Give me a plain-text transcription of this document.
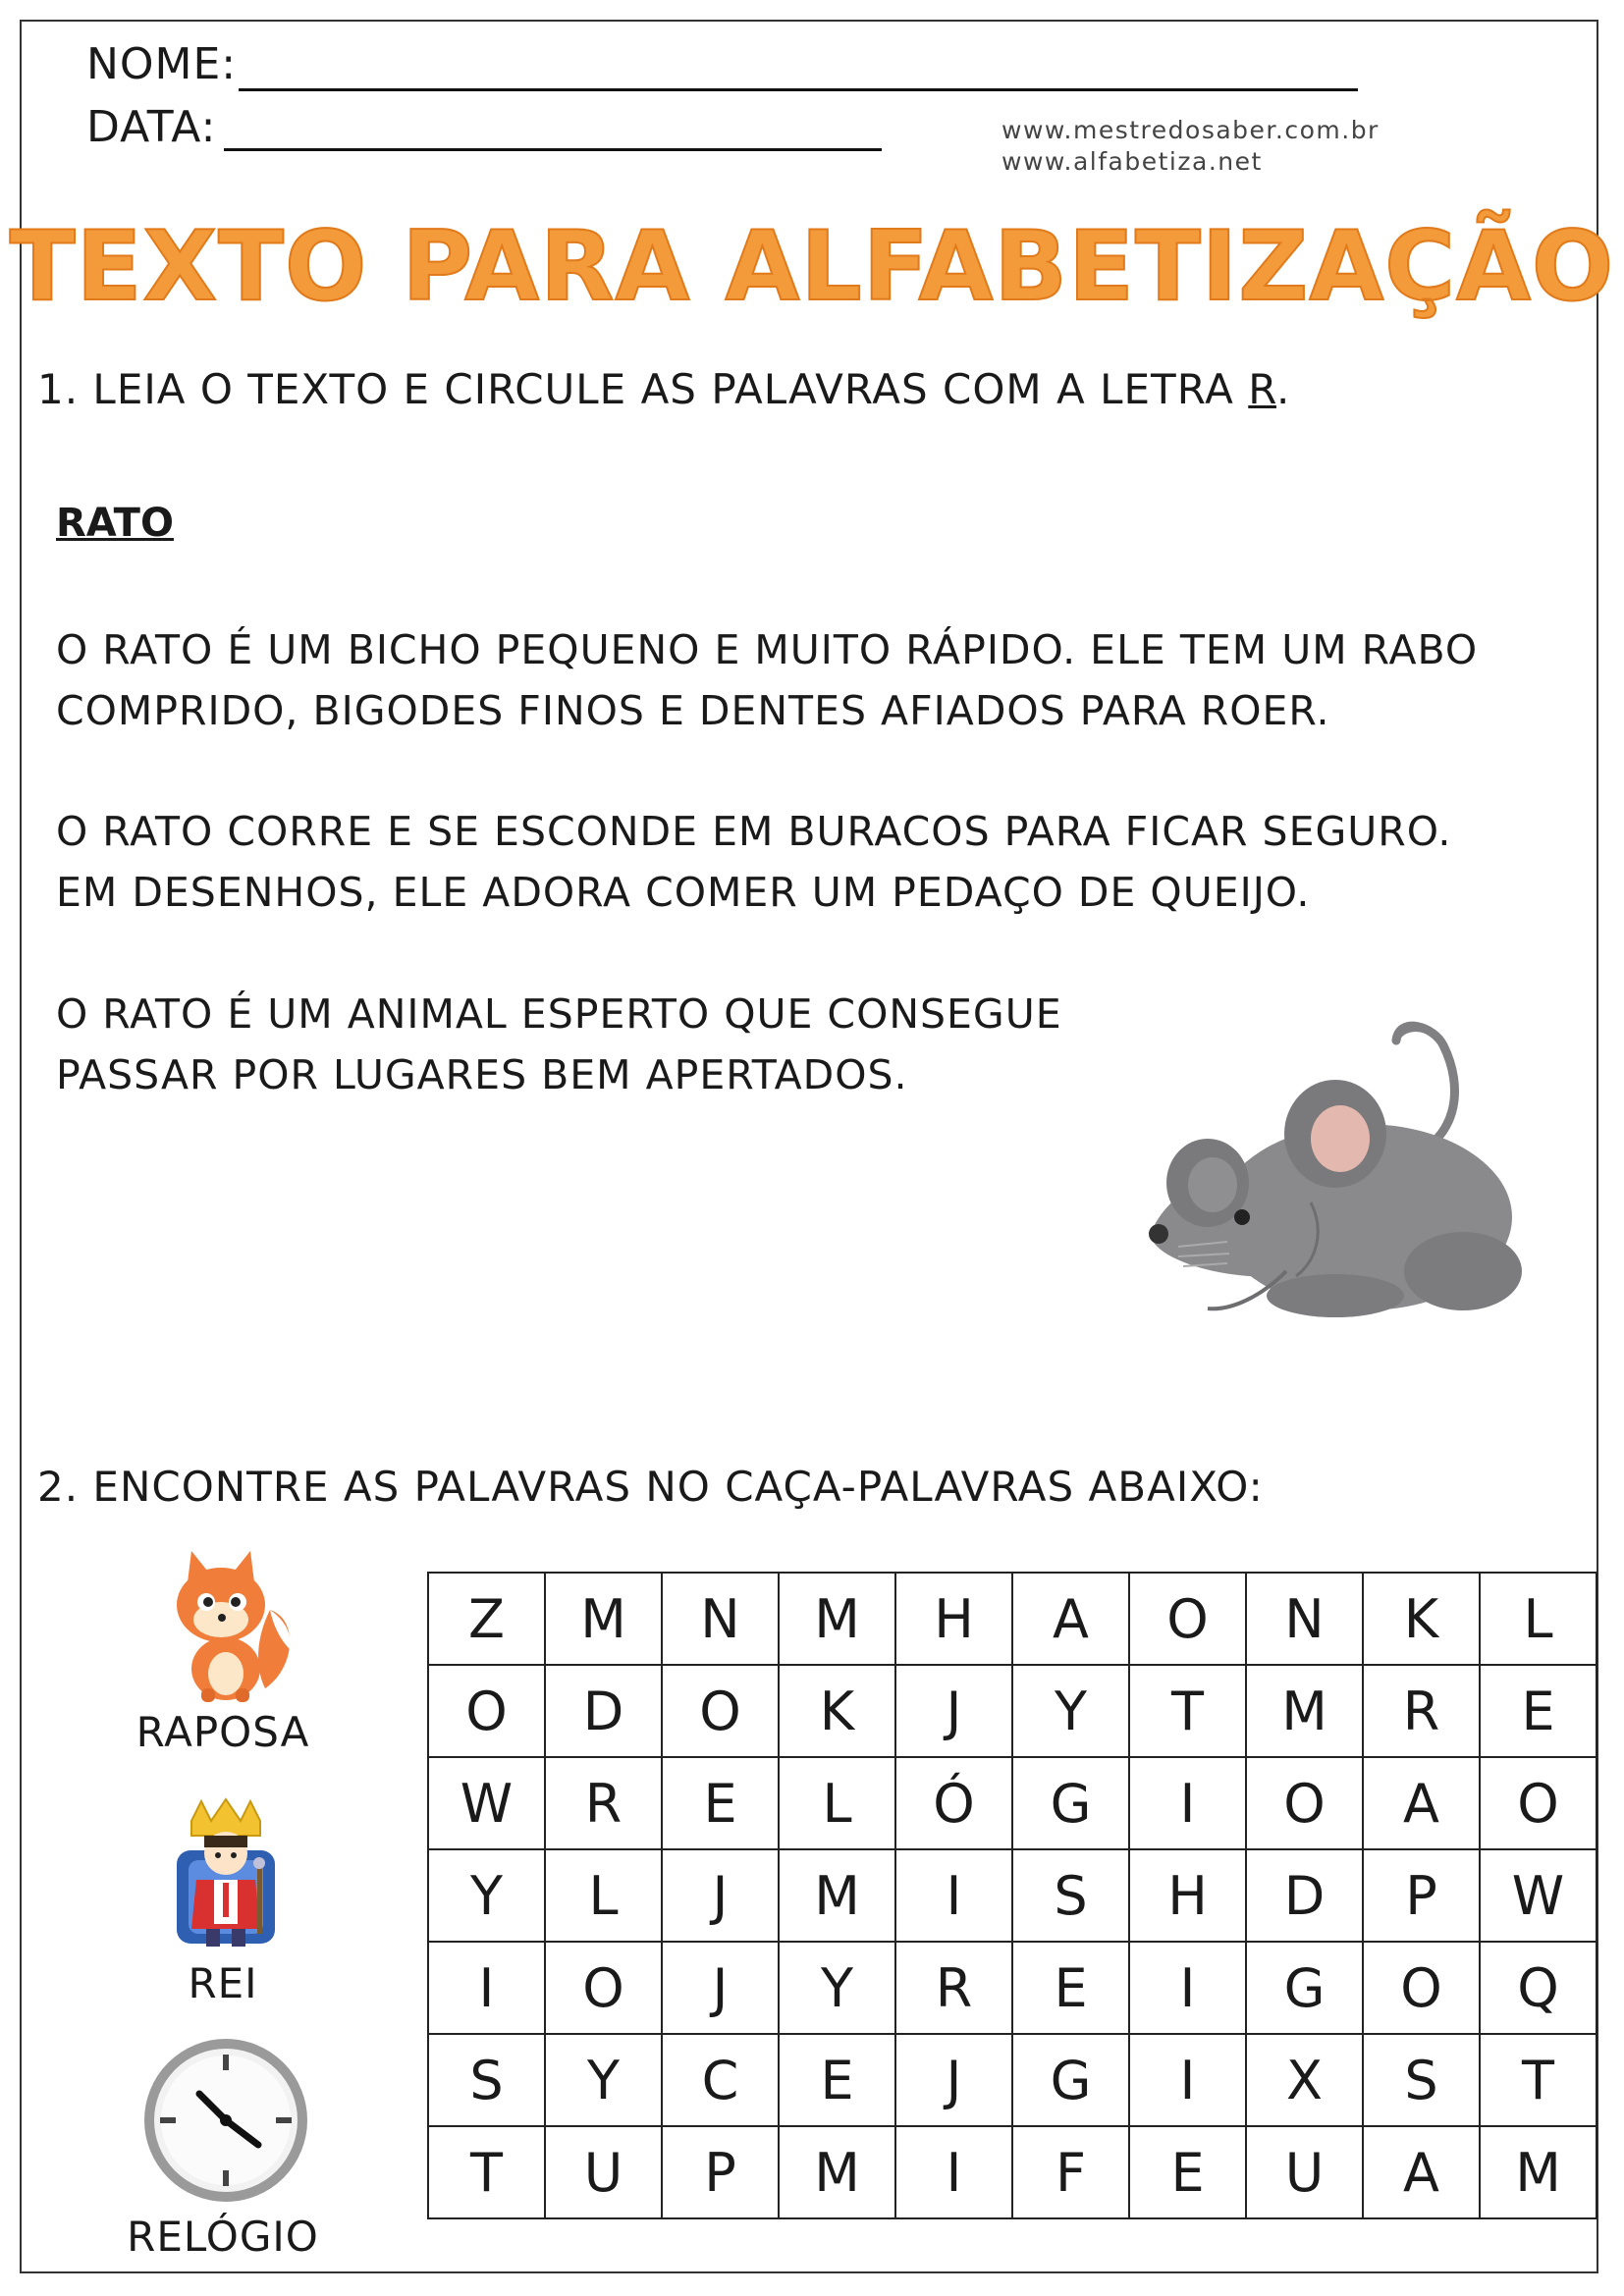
NOME:
DATA:	www.mestredosaber.com.br
www.alfabetiza.net
TEXTO PARA ALFABETIZAÇÃO
1. LEIA O TEXTO E CIRCULE AS PALAVRAS COM A LETRA R.
RATO
O RATO É UM BICHO PEQUENO E MUITO RÁPIDO. ELE TEM UM RABO
COMPRIDO, BIGODES FINOS E DENTES AFIADOS PARA ROER.
O RATO CORRE E SE ESCONDE EM BURACOS PARA FICAR SEGURO.
EM DESENHOS, ELE ADORA COMER UM PEDAÇO DE QUEIJO.
O RATO É UM ANIMAL ESPERTO QUE CONSEGUE
PASSAR POR LUGARES BEM APERTADOS.
2. ENCONTRE AS PALAVRAS NO CAÇA-PALAVRAS ABAIXO:
RAPOSA
REI
RELÓGIO
Z	M	N	M	H	A	O	N	K	L
O	D	O	K	J	Y	T	M	R	E
W	R	E	L	Ó	G	I	O	A	O
Y	L	J	M	I	S	H	D	P	W
I	O	J	Y	R	E	I	G	O	Q
S	Y	C	E	J	G	I	X	S	T
T	U	P	M	I	F	E	U	A	M
